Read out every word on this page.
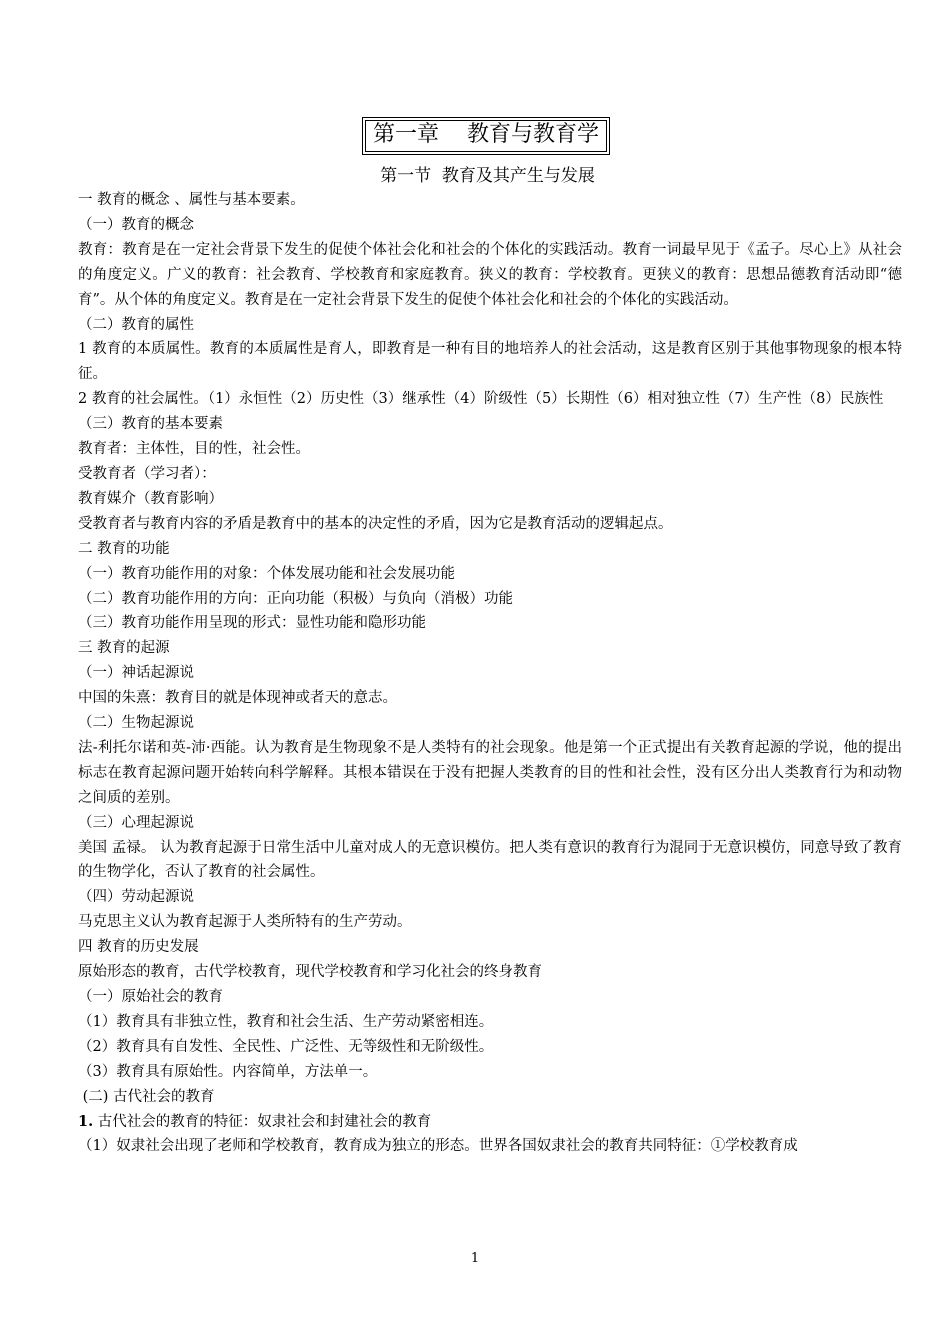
第一章    教育与教育学
第一节  教育及其产生与发展

一 教育的概念 、属性与基本要素。

（一）教育的概念

教育：教育是在一定社会背景下发生的促使个体社会化和社会的个体化的实践活动。教育一词最早见于《孟子。尽心上》从社会的角度定义。广义的教育：社会教育、学校教育和家庭教育。狭义的教育：学校教育。更狭义的教育：思想品德教育活动即“德育”。从个体的角度定义。教育是在一定社会背景下发生的促使个体社会化和社会的个体化的实践活动。

（二）教育的属性

1 教育的本质属性。教育的本质属性是育人，即教育是一种有目的地培养人的社会活动，这是教育区别于其他事物现象的根本特征。

2 教育的社会属性。（1）永恒性（2）历史性（3）继承性（4）阶级性（5）长期性（6）相对独立性（7）生产性（8）民族性

（三）教育的基本要素

教育者：主体性，目的性，社会性。

受教育者（学习者）：

教育媒介（教育影响）

受教育者与教育内容的矛盾是教育中的基本的决定性的矛盾，因为它是教育活动的逻辑起点。

二 教育的功能

（一）教育功能作用的对象：个体发展功能和社会发展功能

（二）教育功能作用的方向：正向功能（积极）与负向（消极）功能

（三）教育功能作用呈现的形式：显性功能和隐形功能

三 教育的起源

（一）神话起源说

中国的朱熹：教育目的就是体现神或者天的意志。

（二）生物起源说

法-利托尔诺和英-沛·西能。认为教育是生物现象不是人类特有的社会现象。他是第一个正式提出有关教育起源的学说，他的提出标志在教育起源问题开始转向科学解释。其根本错误在于没有把握人类教育的目的性和社会性，没有区分出人类教育行为和动物之间质的差别。

（三）心理起源说

美国 孟禄。 认为教育起源于日常生活中儿童对成人的无意识模仿。把人类有意识的教育行为混同于无意识模仿，同意导致了教育的生物学化，否认了教育的社会属性。

（四）劳动起源说

马克思主义认为教育起源于人类所特有的生产劳动。

四 教育的历史发展

原始形态的教育，古代学校教育，现代学校教育和学习化社会的终身教育

（一）原始社会的教育

（1）教育具有非独立性，教育和社会生活、生产劳动紧密相连。

（2）教育具有自发性、全民性、广泛性、无等级性和无阶级性。

（3）教育具有原始性。内容简单，方法单一。

(二) 古代社会的教育

1. 古代社会的教育的特征：奴隶社会和封建社会的教育

（1）奴隶社会出现了老师和学校教育，教育成为独立的形态。世界各国奴隶社会的教育共同特征：①学校教育成

1
